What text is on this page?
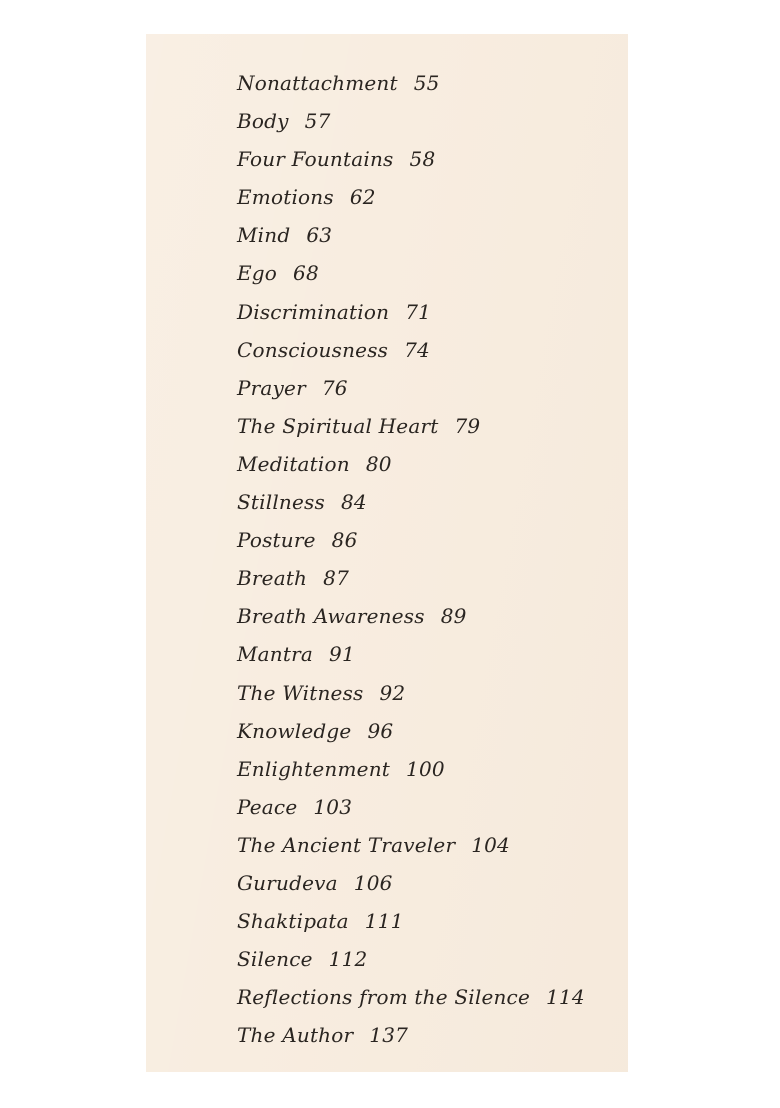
Nonattachment 55
Body 57
Four Fountains 58
Emotions 62
Mind 63
Ego 68
Discrimination 71
Consciousness 74
Prayer 76
The Spiritual Heart 79
Meditation 80
Stillness 84
Posture 86
Breath 87
Breath Awareness 89
Mantra 91
The Witness 92
Knowledge 96
Enlightenment 100
Peace 103
The Ancient Traveler 104
Gurudeva 106
Shaktipata 111
Silence 112
Reflections from the Silence 114
The Author 137
